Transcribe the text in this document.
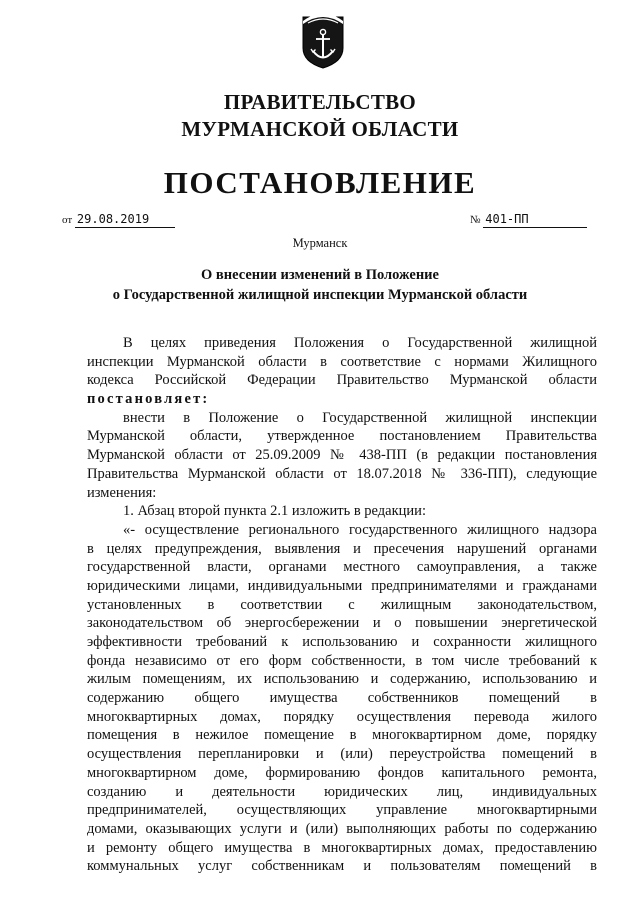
ПРАВИТЕЛЬСТВО
МУРМАНСКОЙ ОБЛАСТИ
ПОСТАНОВЛЕНИЕ
от 29.08.2019	№ 401-ПП
Мурманск
О внесении изменений в Положение
о Государственной жилищной инспекции Мурманской области
В целях приведения Положения о Государственной жилищной
инспекции Мурманской области в соответствие с нормами Жилищного
кодекса Российской Федерации Правительство Мурманской области
постановляет:
внести в Положение о Государственной жилищной инспекции
Мурманской области, утвержденное постановлением Правительства
Мурманской области от 25.09.2009 № 438-ПП (в редакции постановления
Правительства Мурманской области от 18.07.2018 № 336-ПП), следующие
изменения:
1. Абзац второй пункта 2.1 изложить в редакции:
«- осуществление регионального государственного жилищного надзора
в целях предупреждения, выявления и пресечения нарушений органами
государственной власти, органами местного самоуправления, а также
юридическими лицами, индивидуальными предпринимателями и гражданами
установленных в соответствии с жилищным законодательством,
законодательством об энергосбережении и о повышении энергетической
эффективности требований к использованию и сохранности жилищного
фонда независимо от его форм собственности, в том числе требований к
жилым помещениям, их использованию и содержанию, использованию и
содержанию общего имущества собственников помещений в
многоквартирных домах, порядку осуществления перевода жилого
помещения в нежилое помещение в многоквартирном доме, порядку
осуществления перепланировки и (или) переустройства помещений в
многоквартирном доме, формированию фондов капитального ремонта,
созданию и деятельности юридических лиц, индивидуальных
предпринимателей, осуществляющих управление многоквартирными
домами, оказывающих услуги и (или) выполняющих работы по содержанию
и ремонту общего имущества в многоквартирных домах, предоставлению
коммунальных услуг собственникам и пользователям помещений в
